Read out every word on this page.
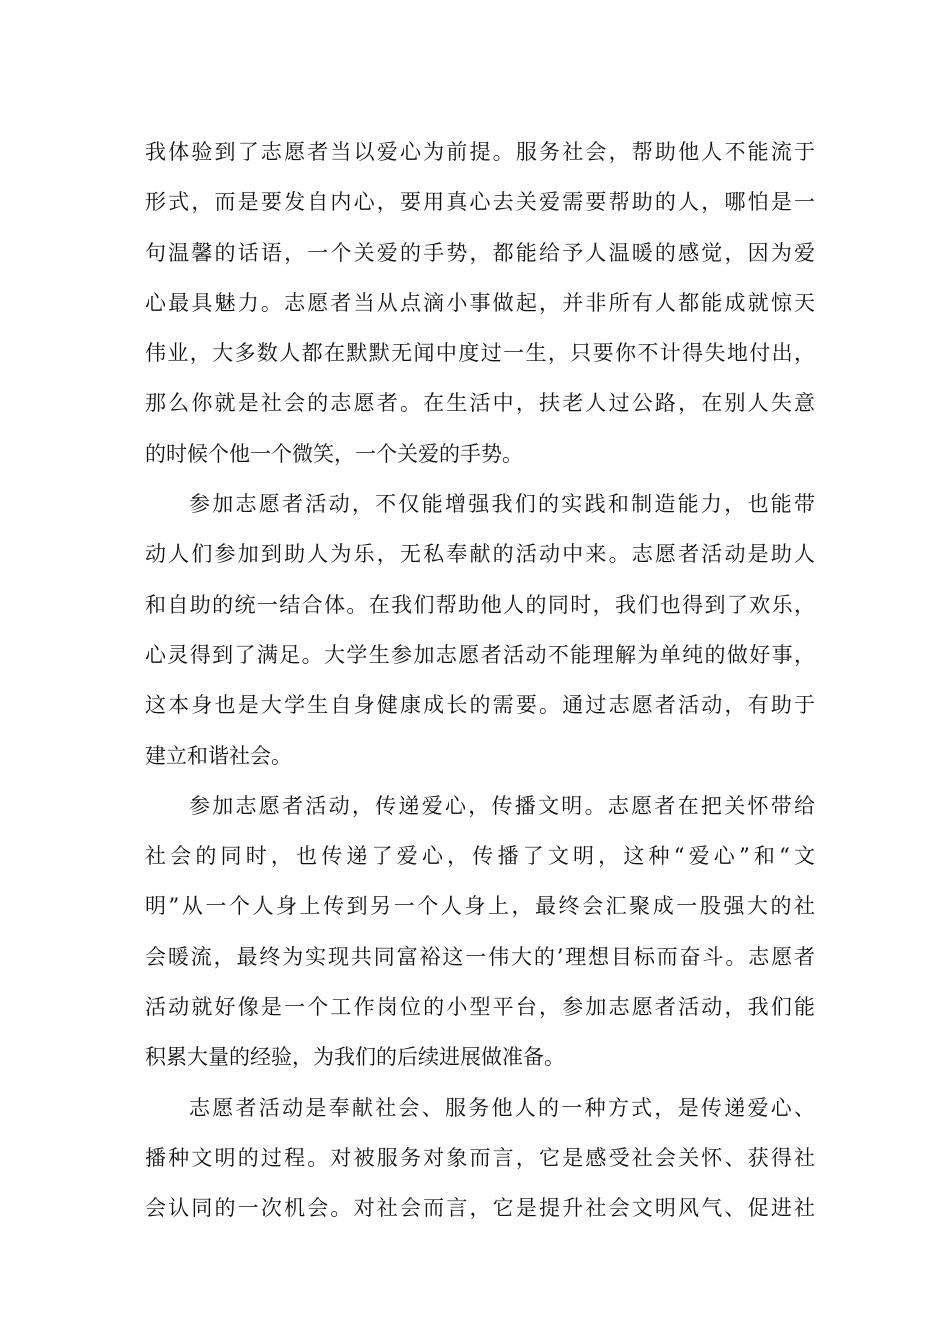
我体验到了志愿者当以爱心为前提。服务社会，帮助他人不能流于
形式，而是要发自内心，要用真心去关爱需要帮助的人，哪怕是一
句温馨的话语，一个关爱的手势，都能给予人温暖的感觉，因为爱
心最具魅力。志愿者当从点滴小事做起，并非所有人都能成就惊天
伟业，大多数人都在默默无闻中度过一生，只要你不计得失地付出，
那么你就是社会的志愿者。在生活中，扶老人过公路，在别人失意
的时候个他一个微笑，一个关爱的手势。
参加志愿者活动，不仅能增强我们的实践和制造能力，也能带
动人们参加到助人为乐，无私奉献的活动中来。志愿者活动是助人
和自助的统一结合体。在我们帮助他人的同时，我们也得到了欢乐，
心灵得到了满足。大学生参加志愿者活动不能理解为单纯的做好事，
这本身也是大学生自身健康成长的需要。通过志愿者活动，有助于
建立和谐社会。
参加志愿者活动，传递爱心，传播文明。志愿者在把关怀带给
社会的同时，也传递了爱心，传播了文明，这种“爱心”和“文
明”从一个人身上传到另一个人身上，最终会汇聚成一股强大的社
会暖流，最终为实现共同富裕这一伟大的’理想目标而奋斗。志愿者
活动就好像是一个工作岗位的小型平台，参加志愿者活动，我们能
积累大量的经验，为我们的后续进展做准备。
志愿者活动是奉献社会、服务他人的一种方式，是传递爱心、
播种文明的过程。对被服务对象而言，它是感受社会关怀、获得社
会认同的一次机会。对社会而言，它是提升社会文明风气、促进社
